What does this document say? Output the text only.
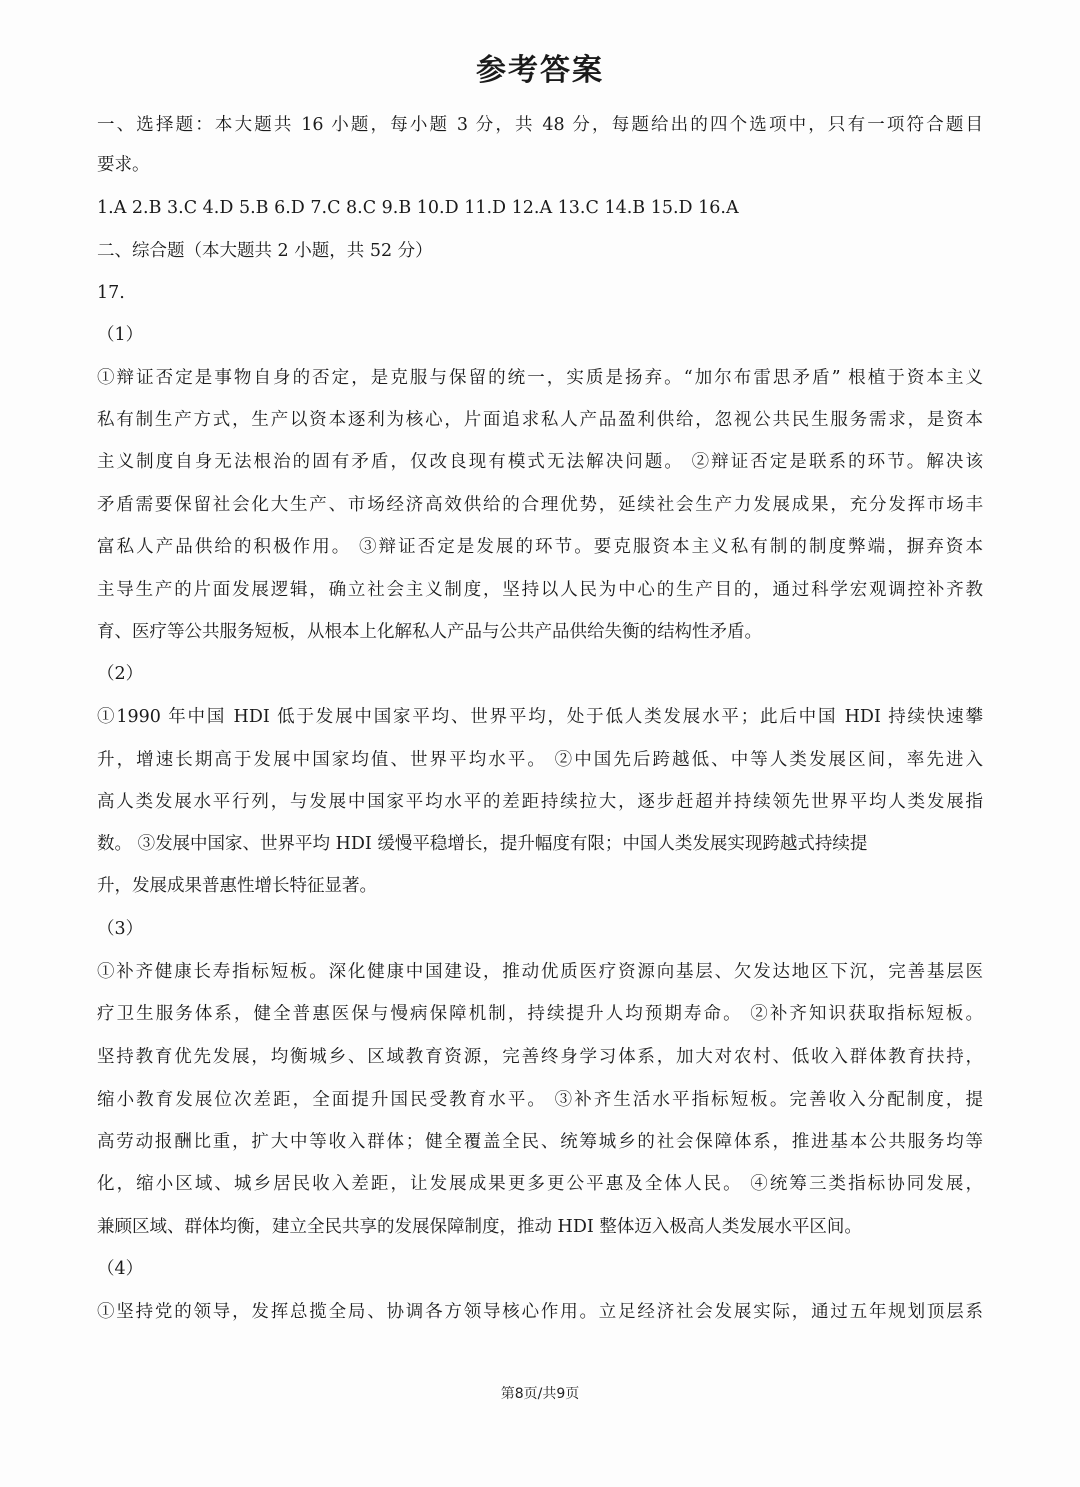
参考答案
一、选择题：本大题共 16 小题，每小题 3 分，共 48 分，每题给出的四个选项中，只有一项符合题目
要求。
1.A 2.B 3.C 4.D 5.B 6.D 7.C 8.C 9.B 10.D 11.D 12.A 13.C 14.B 15.D 16.A
二、综合题（本大题共 2 小题，共 52 分）
17.
（1）
①辩证否定是事物自身的否定，是克服与保留的统一，实质是扬弃。“加尔布雷思矛盾” 根植于资本主义
私有制生产方式，生产以资本逐利为核心，片面追求私人产品盈利供给，忽视公共民生服务需求，是资本
主义制度自身无法根治的固有矛盾，仅改良现有模式无法解决问题。 ②辩证否定是联系的环节。解决该
矛盾需要保留社会化大生产、市场经济高效供给的合理优势，延续社会生产力发展成果，充分发挥市场丰
富私人产品供给的积极作用。 ③辩证否定是发展的环节。要克服资本主义私有制的制度弊端，摒弃资本
主导生产的片面发展逻辑，确立社会主义制度，坚持以人民为中心的生产目的，通过科学宏观调控补齐教
育、医疗等公共服务短板，从根本上化解私人产品与公共产品供给失衡的结构性矛盾。
（2）
①1990 年中国 HDI 低于发展中国家平均、世界平均，处于低人类发展水平；此后中国 HDI 持续快速攀
升，增速长期高于发展中国家均值、世界平均水平。 ②中国先后跨越低、中等人类发展区间，率先进入
高人类发展水平行列，与发展中国家平均水平的差距持续拉大，逐步赶超并持续领先世界平均人类发展指
数。 ③发展中国家、世界平均 HDI 缓慢平稳增长，提升幅度有限；中国人类发展实现跨越式持续提
升，发展成果普惠性增长特征显著。
（3）
①补齐健康长寿指标短板。深化健康中国建设，推动优质医疗资源向基层、欠发达地区下沉，完善基层医
疗卫生服务体系，健全普惠医保与慢病保障机制，持续提升人均预期寿命。 ②补齐知识获取指标短板。
坚持教育优先发展，均衡城乡、区域教育资源，完善终身学习体系，加大对农村、低收入群体教育扶持，
缩小教育发展位次差距，全面提升国民受教育水平。 ③补齐生活水平指标短板。完善收入分配制度，提
高劳动报酬比重，扩大中等收入群体；健全覆盖全民、统筹城乡的社会保障体系，推进基本公共服务均等
化，缩小区域、城乡居民收入差距，让发展成果更多更公平惠及全体人民。 ④统筹三类指标协同发展，
兼顾区域、群体均衡，建立全民共享的发展保障制度，推动 HDI 整体迈入极高人类发展水平区间。
（4）
①坚持党的领导，发挥总揽全局、协调各方领导核心作用。立足经济社会发展实际，通过五年规划顶层系
第8页/共9页
